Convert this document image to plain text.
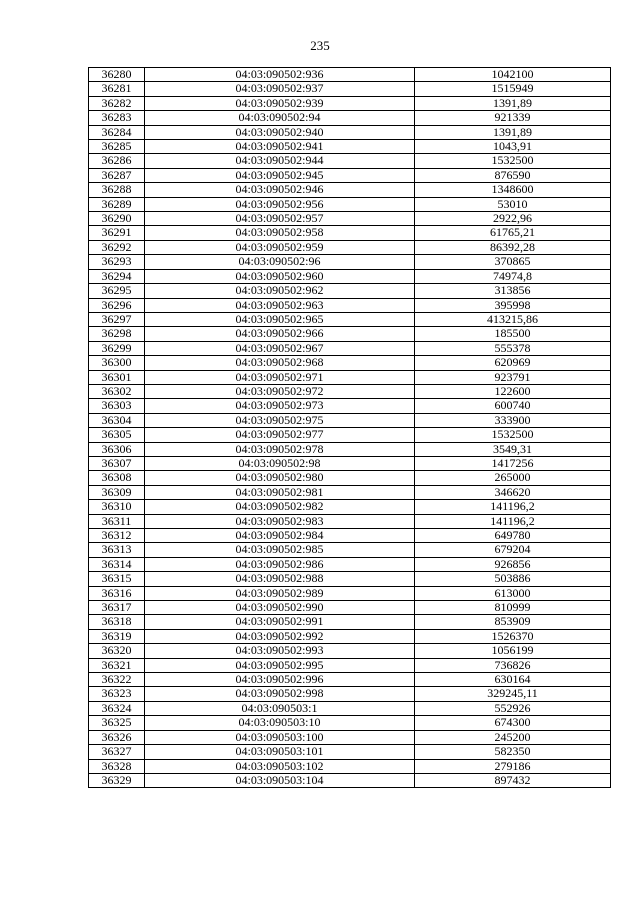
235
36280	04:03:090502:936	1042100
36281	04:03:090502:937	1515949
36282	04:03:090502:939	1391,89
36283	04:03:090502:94	921339
36284	04:03:090502:940	1391,89
36285	04:03:090502:941	1043,91
36286	04:03:090502:944	1532500
36287	04:03:090502:945	876590
36288	04:03:090502:946	1348600
36289	04:03:090502:956	53010
36290	04:03:090502:957	2922,96
36291	04:03:090502:958	61765,21
36292	04:03:090502:959	86392,28
36293	04:03:090502:96	370865
36294	04:03:090502:960	74974,8
36295	04:03:090502:962	313856
36296	04:03:090502:963	395998
36297	04:03:090502:965	413215,86
36298	04:03:090502:966	185500
36299	04:03:090502:967	555378
36300	04:03:090502:968	620969
36301	04:03:090502:971	923791
36302	04:03:090502:972	122600
36303	04:03:090502:973	600740
36304	04:03:090502:975	333900
36305	04:03:090502:977	1532500
36306	04:03:090502:978	3549,31
36307	04:03:090502:98	1417256
36308	04:03:090502:980	265000
36309	04:03:090502:981	346620
36310	04:03:090502:982	141196,2
36311	04:03:090502:983	141196,2
36312	04:03:090502:984	649780
36313	04:03:090502:985	679204
36314	04:03:090502:986	926856
36315	04:03:090502:988	503886
36316	04:03:090502:989	613000
36317	04:03:090502:990	810999
36318	04:03:090502:991	853909
36319	04:03:090502:992	1526370
36320	04:03:090502:993	1056199
36321	04:03:090502:995	736826
36322	04:03:090502:996	630164
36323	04:03:090502:998	329245,11
36324	04:03:090503:1	552926
36325	04:03:090503:10	674300
36326	04:03:090503:100	245200
36327	04:03:090503:101	582350
36328	04:03:090503:102	279186
36329	04:03:090503:104	897432
